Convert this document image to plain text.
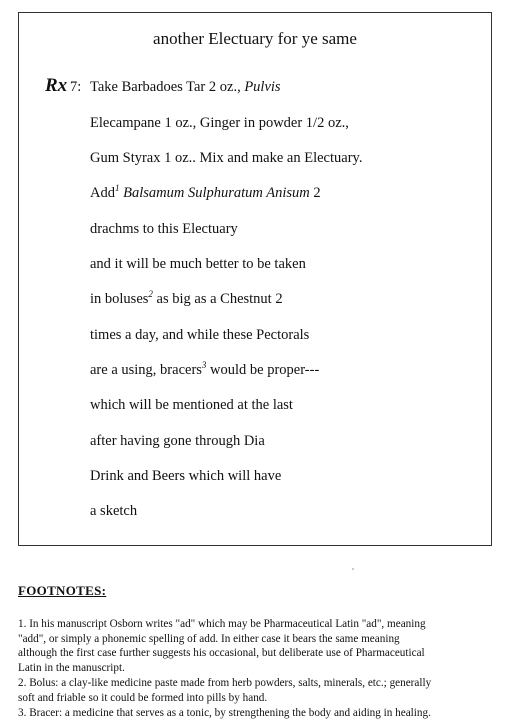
another Electuary for ye same
Rx 7: Take Barbadoes Tar 2 oz., Pulvis
Elecampane 1 oz., Ginger in powder 1/2 oz.,
Gum Styrax 1 oz.. Mix and make an Electuary.
Add$^1$ Balsamum Sulphuratum Anisum 2
drachms to this Electuary
and it will be much better to be taken
in boluses$^2$ as big as a Chestnut 2
times a day, and while these Pectorals
are a using, bracers$^3$ would be proper---
which will be mentioned at the last
after having gone through Dia
Drink and Beers which will have
a sketch
FOOTNOTES:
1. In his manuscript Osborn writes "ad" which may be Pharmaceutical Latin "ad", meaning
"add", or simply a phonemic spelling of add. In either case it bears the same meaning
although the first case further suggests his occasional, but deliberate use of Pharmaceutical
Latin in the manuscript.
2. Bolus: a clay-like medicine paste made from herb powders, salts, minerals, etc.; generally
soft and friable so it could be formed into pills by hand.
3. Bracer: a medicine that serves as a tonic, by strengthening the body and aiding in healing.
